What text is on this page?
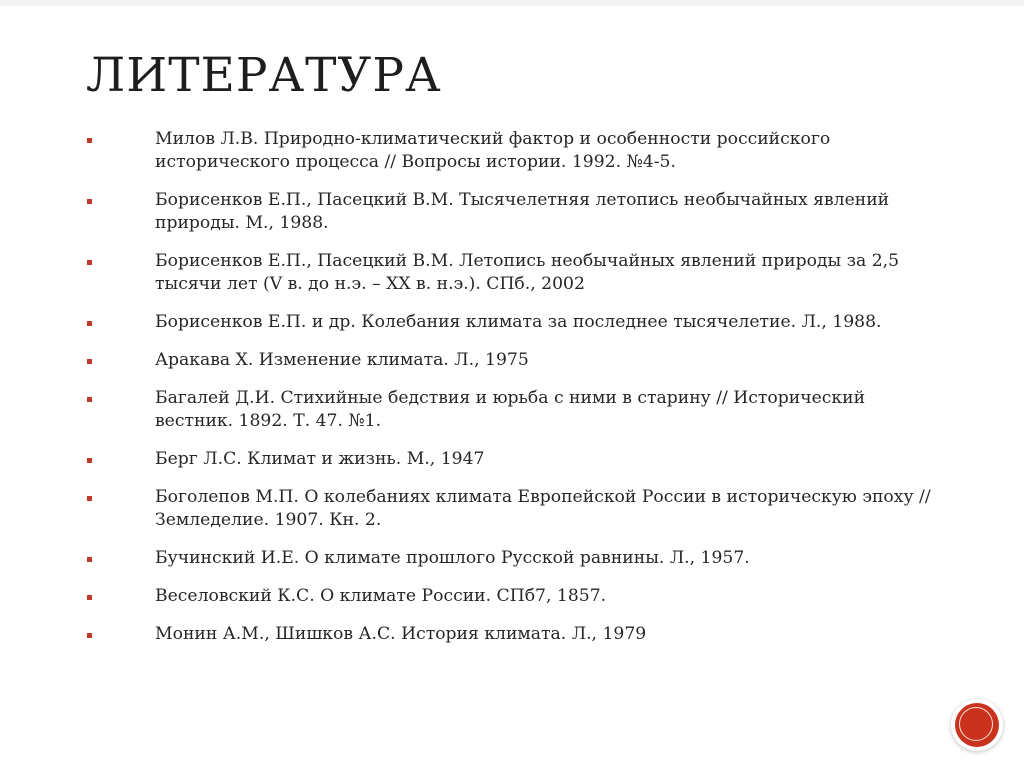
ЛИТЕРАТУРА
Милов Л.В. Природно-климатический фактор и особенности российского исторического процесса // Вопросы истории. 1992. №4-5.
Борисенков Е.П., Пасецкий В.М. Тысячелетняя летопись необычайных явлений природы. М., 1988.
Борисенков Е.П., Пасецкий В.М. Летопись необычайных явлений природы за 2,5 тысячи лет (V в. до н.э. – XX в. н.э.). СПб., 2002
Борисенков Е.П. и др. Колебания климата за последнее тысячелетие. Л., 1988.
Аракава Х. Изменение климата. Л., 1975
Багалей Д.И. Стихийные бедствия и юрьба с ними в старину // Исторический вестник. 1892. Т. 47. №1.
Берг Л.С. Климат и жизнь. М., 1947
Боголепов М.П. О колебаниях климата Европейской России в историческую эпоху // Земледелие. 1907. Кн. 2.
Бучинский И.Е. О климате прошлого Русской равнины. Л., 1957.
Веселовский К.С. О климате России. СПб7, 1857.
Монин А.М., Шишков А.С. История климата. Л., 1979
